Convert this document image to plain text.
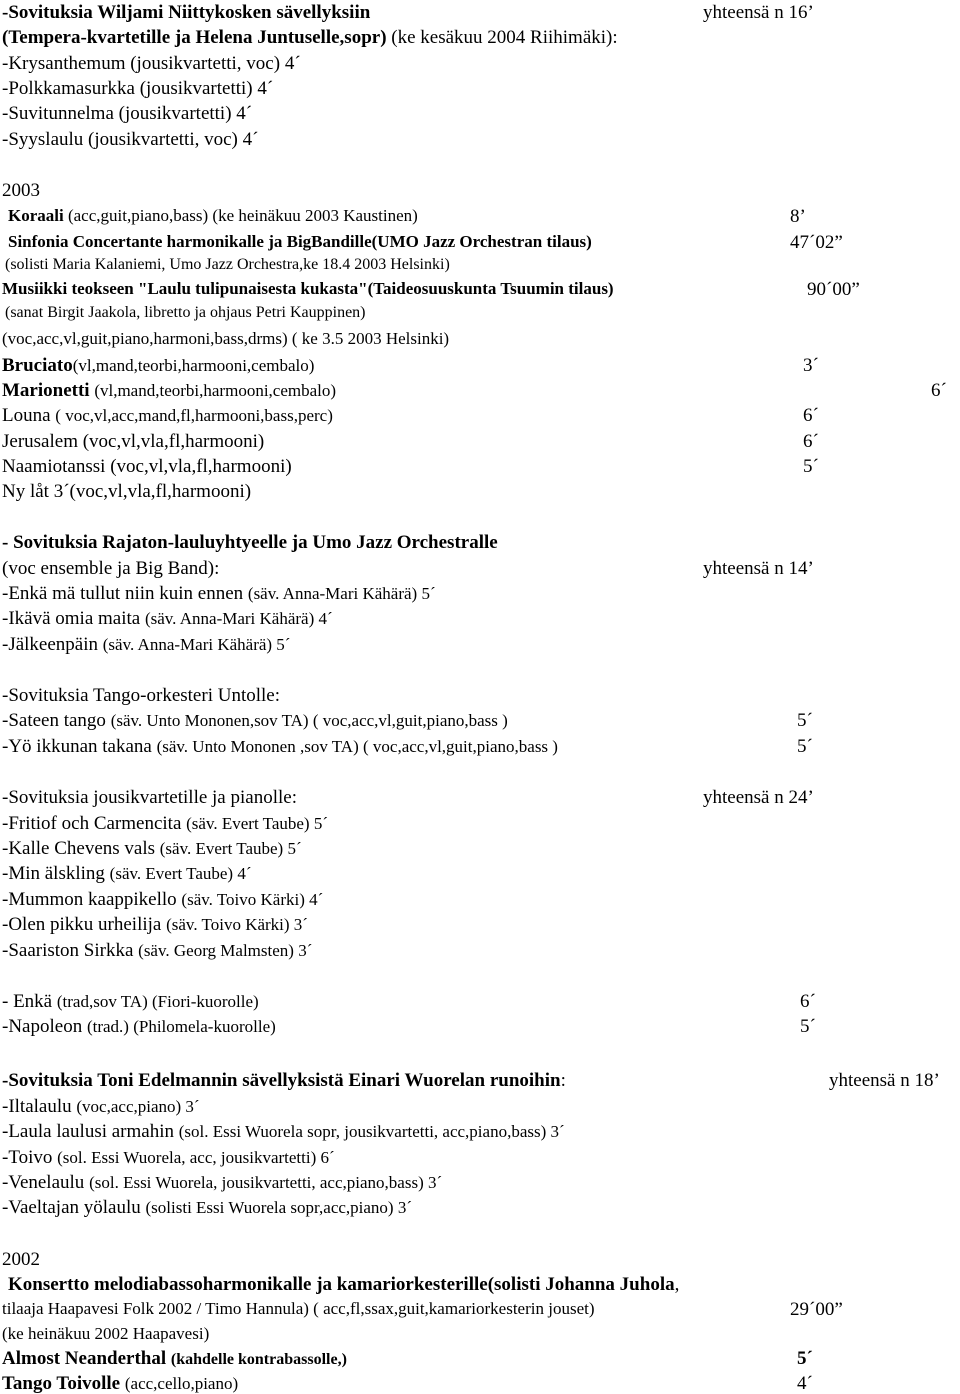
-Sovituksia Wiljami Niittykosken sävellyksiin	yhteensä n 16’
(Tempera-kvartetille ja Helena Juntuselle,sopr) (ke kesäkuu 2004 Riihimäki):
-Krysanthemum (jousikvartetti, voc) 4´
-Polkkamasurkka (jousikvartetti) 4´
-Suvitunnelma (jousikvartetti) 4´
-Syyslaulu (jousikvartetti, voc) 4´
2003
Koraali (acc,guit,piano,bass) (ke heinäkuu 2003 Kaustinen)	8’
Sinfonia Concertante harmonikalle ja BigBandille(UMO Jazz Orchestran tilaus)	47´02”
(solisti Maria Kalaniemi, Umo Jazz Orchestra,ke 18.4 2003 Helsinki)
Musiikki teokseen "Laulu tulipunaisesta kukasta"(Taideosuuskunta Tsuumin tilaus)	90´00”
(sanat Birgit Jaakola, libretto ja ohjaus Petri Kauppinen)
(voc,acc,vl,guit,piano,harmoni,bass,drms) ( ke 3.5 2003 Helsinki)
Bruciato(vl,mand,teorbi,harmooni,cembalo)	3´
Marionetti (vl,mand,teorbi,harmooni,cembalo)	6´
Louna ( voc,vl,acc,mand,fl,harmooni,bass,perc)	6´
Jerusalem (voc,vl,vla,fl,harmooni)	6´
Naamiotanssi (voc,vl,vla,fl,harmooni)	5´
Ny låt 3´(voc,vl,vla,fl,harmooni)
- Sovituksia Rajaton-lauluyhtyeelle ja Umo Jazz Orchestralle
(voc ensemble ja Big Band):	yhteensä n 14’
-Enkä mä tullut niin kuin ennen (säv. Anna-Mari Kähärä) 5´
-Ikävä omia maita (säv. Anna-Mari Kähärä) 4´
-Jälkeenpäin (säv. Anna-Mari Kähärä) 5´
-Sovituksia Tango-orkesteri Untolle:
-Sateen tango (säv. Unto Mononen,sov TA) ( voc,acc,vl,guit,piano,bass )	5´
-Yö ikkunan takana (säv. Unto Mononen ,sov TA) ( voc,acc,vl,guit,piano,bass )	5´
-Sovituksia jousikvartetille ja pianolle:	yhteensä n 24’
-Fritiof och Carmencita (säv. Evert Taube) 5´
-Kalle Chevens vals (säv. Evert Taube) 5´
-Min älskling (säv. Evert Taube) 4´
-Mummon kaappikello (säv. Toivo Kärki) 4´
-Olen pikku urheilija (säv. Toivo Kärki) 3´
-Saariston Sirkka (säv. Georg Malmsten) 3´
- Enkä (trad,sov TA) (Fiori-kuorolle)	6´
-Napoleon (trad.) (Philomela-kuorolle)	5´
-Sovituksia Toni Edelmannin sävellyksistä Einari Wuorelan runoihin:	yhteensä n 18’
-Iltalaulu (voc,acc,piano) 3´
-Laula laulusi armahin (sol. Essi Wuorela sopr, jousikvartetti, acc,piano,bass) 3´
-Toivo (sol. Essi Wuorela, acc, jousikvartetti) 6´
-Venelaulu (sol. Essi Wuorela, jousikvartetti, acc,piano,bass) 3´
-Vaeltajan yölaulu (solisti Essi Wuorela sopr,acc,piano) 3´
2002
Konsertto melodiabassoharmonikalle ja kamariorkesterille(solisti Johanna Juhola,
tilaaja Haapavesi Folk 2002 / Timo Hannula) ( acc,fl,ssax,guit,kamariorkesterin jouset)	29´00”
(ke heinäkuu 2002 Haapavesi)
Almost Neanderthal (kahdelle kontrabassolle,)	5´
Tango Toivolle (acc,cello,piano)	4´
